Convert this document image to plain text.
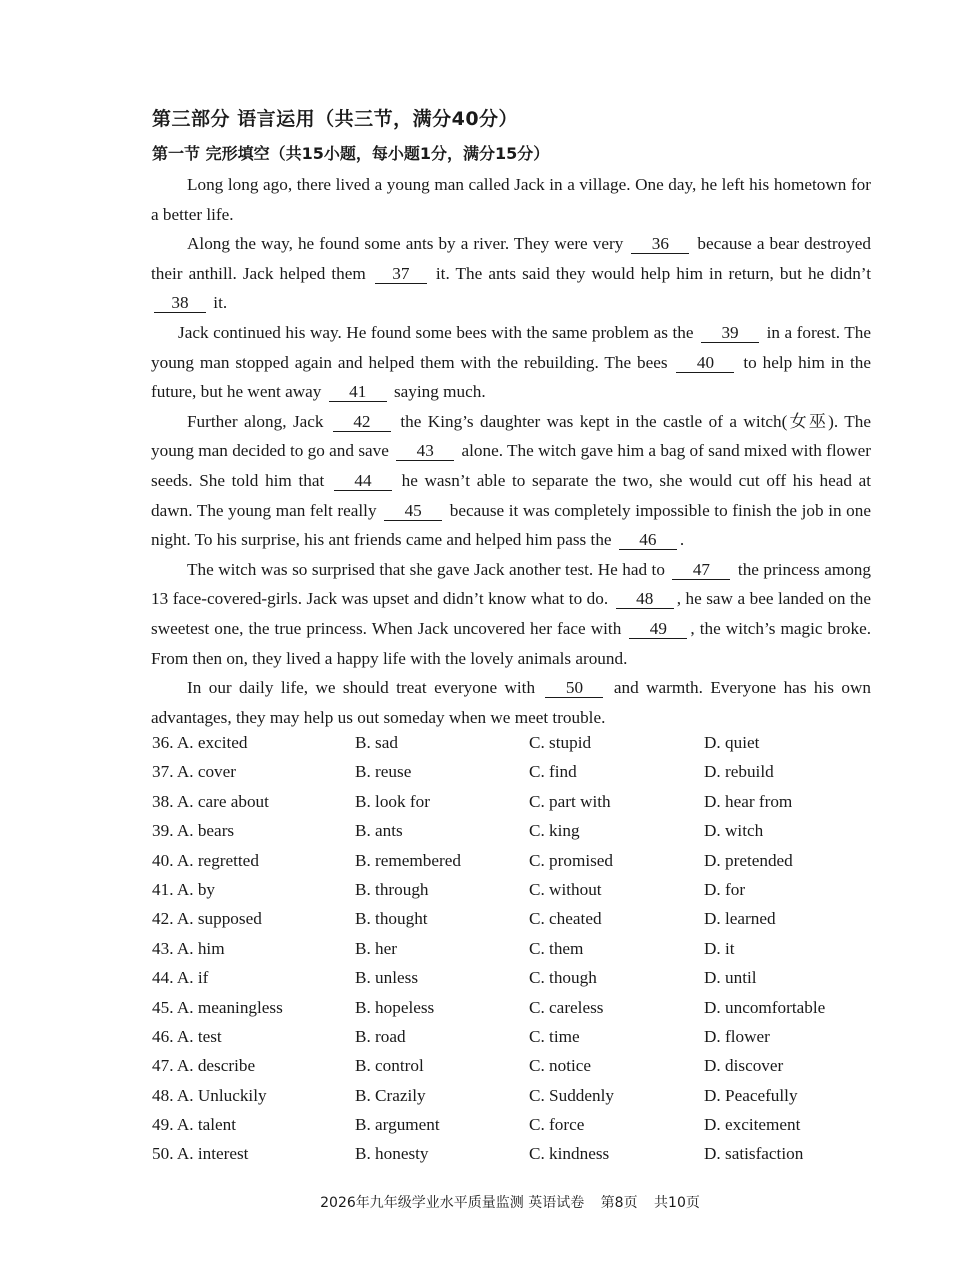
第三部分 语言运用（共三节，满分40分）
第一节 完形填空（共15小题，每小题1分，满分15分）

Long long ago, there lived a young man called Jack in a village. One day, he left his hometown for a better life.

Along the way, he found some ants by a river. They were very 36 because a bear destroyed their anthill. Jack helped them 37 it. The ants said they would help him in return, but he didn’t 38 it.

Jack continued his way. He found some bees with the same problem as the 39 in a forest. The young man stopped again and helped them with the rebuilding. The bees 40 to help him in the future, but he went away 41 saying much.

Further along, Jack 42 the King’s daughter was kept in the castle of a witch(女巫). The young man decided to go and save 43 alone. The witch gave him a bag of sand mixed with flower seeds. She told him that 44 he wasn’t able to separate the two, she would cut off his head at dawn. The young man felt really 45 because it was completely impossible to finish the job in one night. To his surprise, his ant friends came and helped him pass the 46 .

The witch was so surprised that she gave Jack another test. He had to 47 the princess among 13 face-covered-girls. Jack was upset and didn’t know what to do. 48 , he saw a bee landed on the sweetest one, the true princess. When Jack uncovered her face with 49 , the witch’s magic broke. From then on, they lived a happy life with the lovely animals around.

In our daily life, we should treat everyone with 50 and warmth. Everyone has his own advantages, they may help us out someday when we meet trouble.

36. A. excited	B. sad	C. stupid	D. quiet
37. A. cover	B. reuse	C. find	D. rebuild
38. A. care about	B. look for	C. part with	D. hear from
39. A. bears	B. ants	C. king	D. witch
40. A. regretted	B. remembered	C. promised	D. pretended
41. A. by	B. through	C. without	D. for
42. A. supposed	B. thought	C. cheated	D. learned
43. A. him	B. her	C. them	D. it
44. A. if	B. unless	C. though	D. until
45. A. meaningless	B. hopeless	C. careless	D. uncomfortable
46. A. test	B. road	C. time	D. flower
47. A. describe	B. control	C. notice	D. discover
48. A. Unluckily	B. Crazily	C. Suddenly	D. Peacefully
49. A. talent	B. argument	C. force	D. excitement
50. A. interest	B. honesty	C. kindness	D. satisfaction
2026年九年级学业水平质量监测 英语试卷 第8页 共10页
